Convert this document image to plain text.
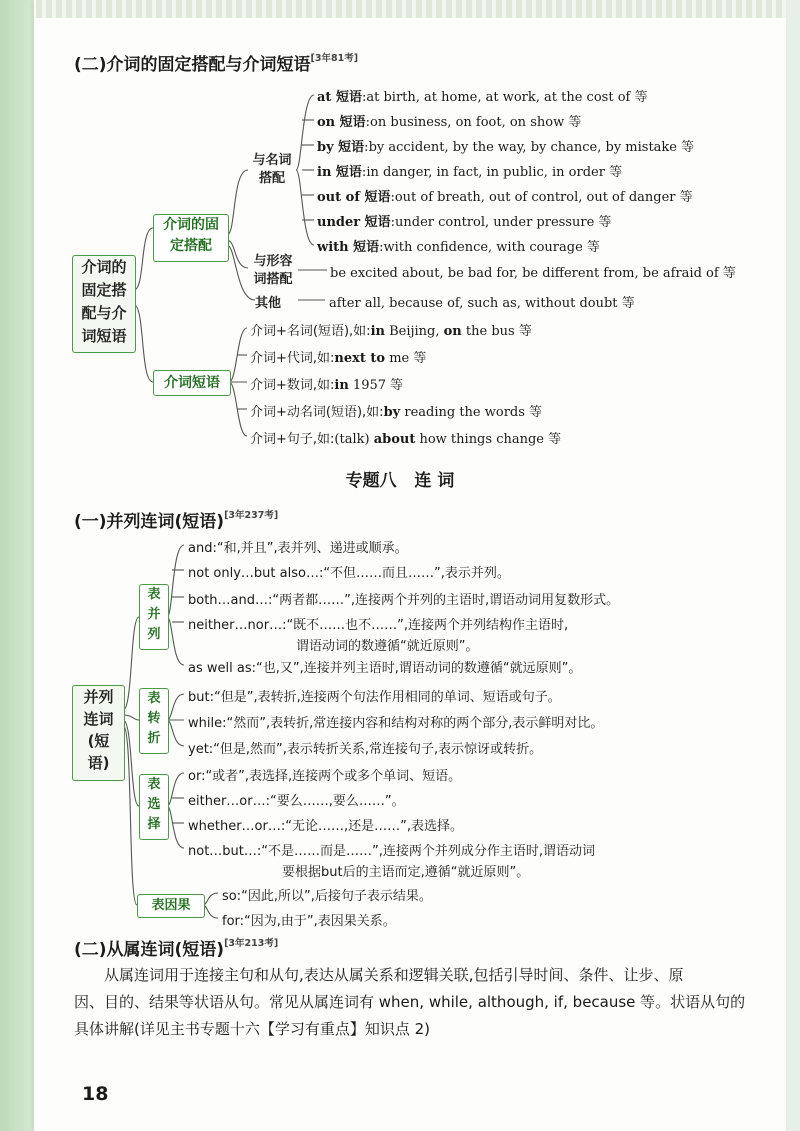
(二)介词的固定搭配与介词短语[3年81考]
介词的
固定搭
配与介
词短语
介词的固
定搭配
介词短语
与名词
搭配
与形容
词搭配
其他
at 短语:at birth, at home, at work, at the cost of 等
on 短语:on business, on foot, on show 等
by 短语:by accident, by the way, by chance, by mistake 等
in 短语:in danger, in fact, in public, in order 等
out of 短语:out of breath, out of control, out of danger 等
under 短语:under control, under pressure 等
with 短语:with confidence, with courage 等
be excited about, be bad for, be different from, be afraid of 等
after all, because of, such as, without doubt 等
介词+名词(短语),如:in Beijing, on the bus 等
介词+代词,如:next to me 等
介词+数词,如:in 1957 等
介词+动名词(短语),如:by reading the words 等
介词+句子,如:(talk) about how things change 等
专题八   连 词
(一)并列连词(短语)[3年237考]
并列
连词
(短
语)
表
并
列
表
转
折
表
选
择
表因果
and:“和,并且”,表并列、递进或顺承。
not only…but also…:“不但……而且……”,表示并列。
both…and…:“两者都……”,连接两个并列的主语时,谓语动词用复数形式。
neither…nor…:“既不……也不……”,连接两个并列结构作主语时,
谓语动词的数遵循“就近原则”。
as well as:“也,又”,连接并列主语时,谓语动词的数遵循“就远原则”。
but:“但是”,表转折,连接两个句法作用相同的单词、短语或句子。
while:“然而”,表转折,常连接内容和结构对称的两个部分,表示鲜明对比。
yet:“但是,然而”,表示转折关系,常连接句子,表示惊讶或转折。
or:“或者”,表选择,连接两个或多个单词、短语。
either…or…:“要么……,要么……”。
whether…or…:“无论……,还是……”,表选择。
not…but…:“不是……而是……”,连接两个并列成分作主语时,谓语动词
要根据but后的主语而定,遵循“就近原则”。
so:“因此,所以”,后接句子表示结果。
for:“因为,由于”,表因果关系。
(二)从属连词(短语)[3年213考]
从属连词用于连接主句和从句,表达从属关系和逻辑关联,包括引导时间、条件、让步、原
因、目的、结果等状语从句。常见从属连词有 when, while, although, if, because 等。状语从句的
具体讲解(详见主书专题十六【学习有重点】知识点 2)
18
